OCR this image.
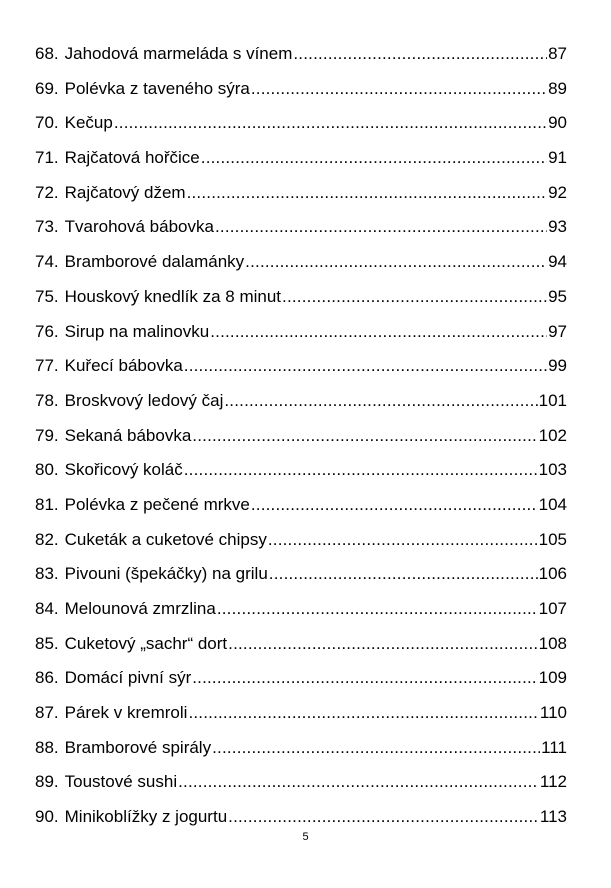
68. Jahodová marmeláda s vínem .....	87
69. Polévka z taveného sýra .....	89
70. Kečup .....	90
71. Rajčatová hořčice .....	91
72. Rajčatový džem .....	92
73. Tvarohová bábovka .....	93
74. Bramborové dalamánky .....	94
75. Houskový knedlík za 8 minut .....	95
76. Sirup na malinovku .....	97
77. Kuřecí bábovka .....	99
78. Broskvový ledový čaj .....	101
79. Sekaná bábovka .....	102
80. Skořicový koláč .....	103
81. Polévka z pečené mrkve .....	104
82. Cuketák a cuketové chipsy .....	105
83. Pivouni (špekáčky) na grilu .....	106
84. Melounová zmrzlina .....	107
85. Cuketový „sachr“ dort .....	108
86. Domácí pivní sýr .....	109
87. Párek v kremroli .....	110
88. Bramborové spirály .....	111
89. Toustové sushi .....	112
90. Minikoblížky z jogurtu .....	113
5
